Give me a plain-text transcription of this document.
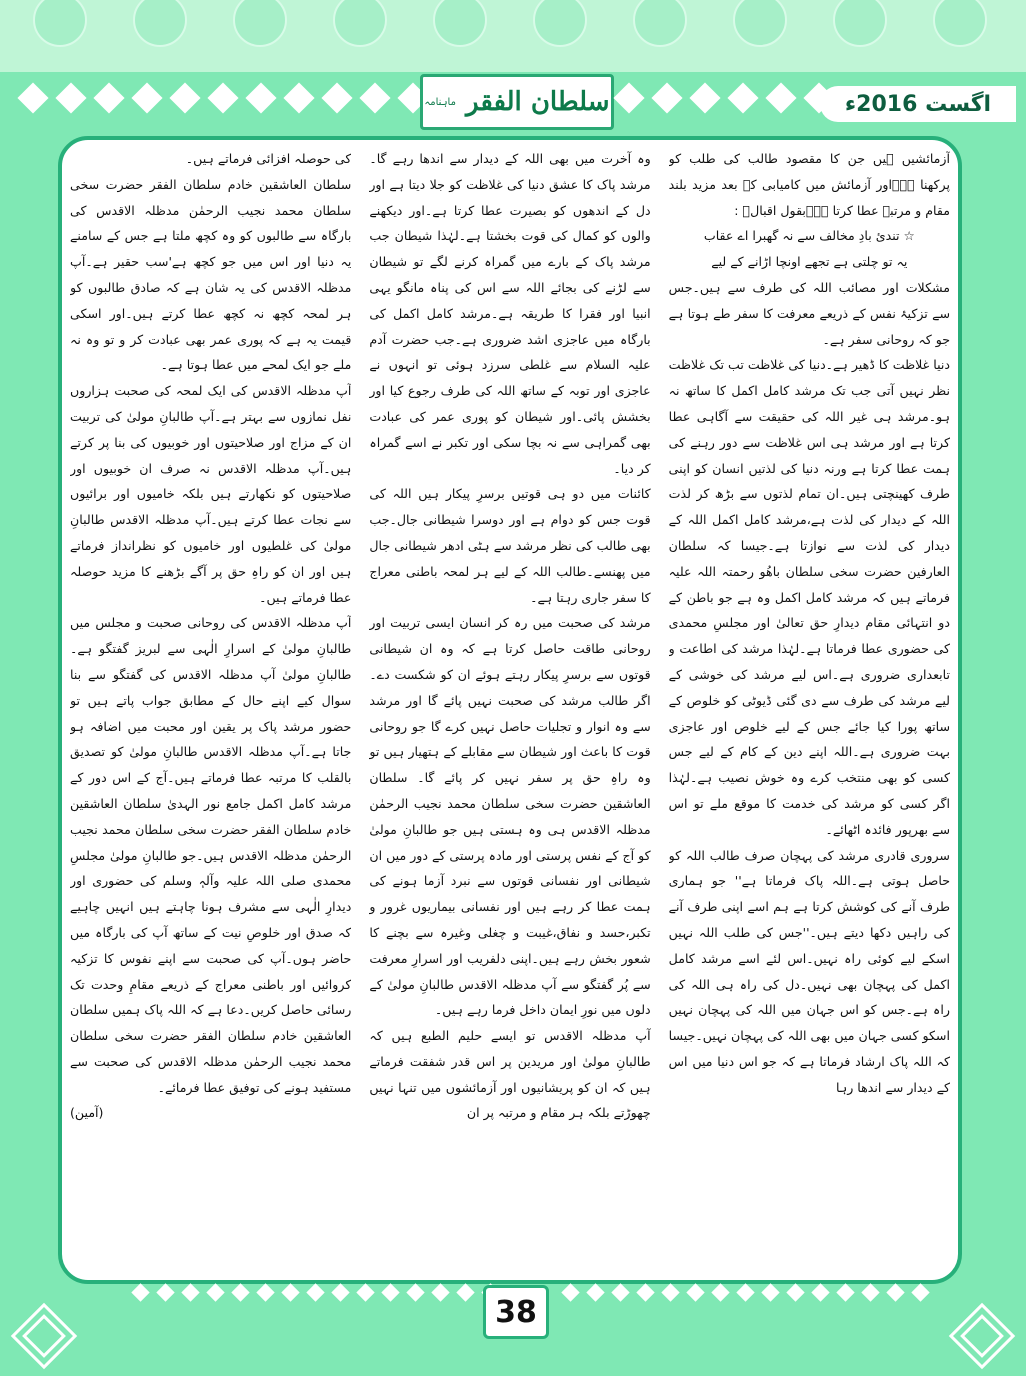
ماہنامہ سلطان الفقر	اگست 2016ء

آزمائشیں ہیں جن کا مقصود طالب کی طلب کو پرکھنا ہے۔اور آزمائش میں کامیابی کے بعد مزید بلند مقام و مرتبہ عطا کرتا ہے۔بقول اقبالؒ :

☆ تندیٔ بادِ مخالف سے نہ گھبرا اے عقاب

یہ تو چلتی ہے تجھے اونچا اڑانے کے لیے

مشکلات اور مصائب اللہ کی طرف سے ہیں۔جس سے تزکیۂ نفس کے ذریعے معرفت کا سفر طے ہوتا ہے جو کہ روحانی سفر ہے۔

دنیا غلاظت کا ڈھیر ہے۔دنیا کی غلاظت تب تک غلاظت نظر نہیں آتی جب تک مرشد کامل اکمل کا ساتھ نہ ہو۔مرشد ہی غیر اللہ کی حقیقت سے آگاہی عطا کرتا ہے اور مرشد ہی اس غلاظت سے دور رہنے کی ہمت عطا کرتا ہے ورنہ دنیا کی لذتیں انسان کو اپنی طرف کھینچتی ہیں۔ان تمام لذتوں سے بڑھ کر لذت اللہ کے دیدار کی لذت ہے،مرشد کامل اکمل اللہ کے دیدار کی لذت سے نوازتا ہے۔جیسا کہ سلطان العارفین حضرت سخی سلطان باھُو رحمتہ اللہ علیہ فرماتے ہیں کہ مرشد کامل اکمل وہ ہے جو باطن کے دو انتہائی مقام دیدارِ حق تعالیٰ اور مجلسِ محمدی کی حضوری عطا فرماتا ہے۔لہٰذا مرشد کی اطاعت و تابعداری ضروری ہے۔اس لیے مرشد کی خوشی کے لیے مرشد کی طرف سے دی گئی ڈیوٹی کو خلوص کے ساتھ پورا کیا جائے جس کے لیے خلوص اور عاجزی بہت ضروری ہے۔اللہ اپنے دین کے کام کے لیے جس کسی کو بھی منتخب کرے وہ خوش نصیب ہے۔لہٰذا اگر کسی کو مرشد کی خدمت کا موقع ملے تو اس سے بھرپور فائدہ اٹھائے۔

سروری قادری مرشد کی پہچان صرف طالب اللہ کو حاصل ہوتی ہے۔اللہ پاک فرماتا ہے'' جو ہماری طرف آنے کی کوشش کرتا ہے ہم اسے اپنی طرف آنے کی راہیں دکھا دیتے ہیں۔''جس کی طلب اللہ نہیں اسکے لیے کوئی راہ نہیں۔اس لئے اسے مرشد کامل اکمل کی پہچان بھی نہیں۔دل کی راہ ہی اللہ کی راہ ہے۔جس کو اس جہان میں اللہ کی پہچان نہیں اسکو کسی جہان میں بھی اللہ کی پہچان نہیں۔جیسا کہ اللہ پاک ارشاد فرماتا ہے کہ جو اس دنیا میں اس کے دیدار سے اندھا رہا

وہ آخرت میں بھی اللہ کے دیدار سے اندھا رہے گا۔مرشد پاک کا عشق دنیا کی غلاظت کو جلا دیتا ہے اور دل کے اندھوں کو بصیرت عطا کرتا ہے۔اور دیکھنے والوں کو کمال کی قوت بخشتا ہے۔لہٰذا شیطان جب مرشد پاک کے بارے میں گمراہ کرنے لگے تو شیطان سے لڑنے کی بجائے اللہ سے اس کی پناہ مانگو یہی انبیا اور فقرا کا طریقہ ہے۔مرشد کامل اکمل کی بارگاہ میں عاجزی اشد ضروری ہے۔جب حضرت آدم علیہ السلام سے غلطی سرزد ہوئی تو انہوں نے عاجزی اور توبہ کے ساتھ اللہ کی طرف رجوع کیا اور بخشش پائی۔اور شیطان کو پوری عمر کی عبادت بھی گمراہی سے نہ بچا سکی اور تکبر نے اسے گمراہ کر دیا۔

کائنات میں دو ہی قوتیں برسرِ پیکار ہیں اللہ کی قوت جس کو دوام ہے اور دوسرا شیطانی جال۔جب بھی طالب کی نظر مرشد سے ہٹی ادھر شیطانی جال میں پھنسے۔طالب اللہ کے لیے ہر لمحہ باطنی معراج کا سفر جاری رہتا ہے۔

مرشد کی صحبت میں رہ کر انسان ایسی تربیت اور روحانی طاقت حاصل کرتا ہے کہ وہ ان شیطانی قوتوں سے برسرِ پیکار رہتے ہوئے ان کو شکست دے۔اگر طالب مرشد کی صحبت نہیں پائے گا اور مرشد سے وہ انوار و تجلیات حاصل نہیں کرے گا جو روحانی قوت کا باعث اور شیطان سے مقابلے کے ہتھیار ہیں تو وہ راہِ حق پر سفر نہیں کر پائے گا۔ سلطان العاشقین حضرت سخی سلطان محمد نجیب الرحمٰن مدظلہ الاقدس ہی وہ ہستی ہیں جو طالبانِ مولیٰ کو آج کے نفس پرستی اور مادہ پرستی کے دور میں ان شیطانی اور نفسانی قوتوں سے نبرد آزما ہونے کی ہمت عطا کر رہے ہیں اور نفسانی بیماریوں غرور و تکبر،حسد و نفاق،غیبت و چغلی وغیرہ سے بچنے کا شعور بخش رہے ہیں۔اپنی دلفریب اور اسرارِ معرفت سے پُر گفتگو سے آپ مدظلہ الاقدس طالبانِ مولیٰ کے دلوں میں نورِ ایمان داخل فرما رہے ہیں۔

آپ مدظلہ الاقدس تو ایسے حلیم الطبع ہیں کہ طالبانِ مولیٰ اور مریدین پر اس قدر شفقت فرماتے ہیں کہ ان کو پریشانیوں اور آزمائشوں میں تنہا نہیں چھوڑتے بلکہ ہر مقام و مرتبہ پر ان

کی حوصلہ افزائی فرماتے ہیں۔

سلطان العاشقین خادم سلطان الفقر حضرت سخی سلطان محمد نجیب الرحمٰن مدظلہ الاقدس کی بارگاہ سے طالبوں کو وہ کچھ ملتا ہے جس کے سامنے یہ دنیا اور اس میں جو کچھ ہے'سب حقیر ہے۔آپ مدظلہ الاقدس کی یہ شان ہے کہ صادق طالبوں کو ہر لمحہ کچھ نہ کچھ عطا کرتے ہیں۔اور اسکی قیمت یہ ہے کہ پوری عمر بھی عبادت کر و تو وہ نہ ملے جو ایک لمحے میں عطا ہوتا ہے۔

آپ مدظلہ الاقدس کی ایک لمحہ کی صحبت ہزاروں نفل نمازوں سے بہتر ہے۔آپ طالبانِ مولیٰ کی تربیت ان کے مزاج اور صلاحیتوں اور خوبیوں کی بنا پر کرتے ہیں۔آپ مدظلہ الاقدس نہ صرف ان خوبیوں اور صلاحیتوں کو نکھارتے ہیں بلکہ خامیوں اور برائیوں سے نجات عطا کرتے ہیں۔آپ مدظلہ الاقدس طالبانِ مولیٰ کی غلطیوں اور خامیوں کو نظرانداز فرماتے ہیں اور ان کو راہِ حق پر آگے بڑھنے کا مزید حوصلہ عطا فرماتے ہیں۔

آپ مدظلہ الاقدس کی روحانی صحبت و مجلس میں طالبانِ مولیٰ کے اسرارِ الٰہی سے لبریز گفتگو ہے۔طالبانِ مولیٰ آپ مدظلہ الاقدس کی گفتگو سے بنا سوال کیے اپنے حال کے مطابق جواب پاتے ہیں تو حضور مرشد پاک پر یقین اور محبت میں اضافہ ہو جاتا ہے۔آپ مدظلہ الاقدس طالبانِ مولیٰ کو تصدیق بالقلب کا مرتبہ عطا فرماتے ہیں۔آج کے اس دور کے مرشد کامل اکمل جامع نور الہدیٰ سلطان العاشقین خادم سلطان الفقر حضرت سخی سلطان محمد نجیب الرحمٰن مدظلہ الاقدس ہیں۔جو طالبانِ مولیٰ مجلسِ محمدی صلی اللہ علیہ وآلہٖ وسلم کی حضوری اور دیدارِ الٰہی سے مشرف ہونا چاہتے ہیں انہیں چاہیے کہ صدق اور خلوصِ نیت کے ساتھ آپ کی بارگاہ میں حاضر ہوں۔آپ کی صحبت سے اپنے نفوس کا تزکیہ کروائیں اور باطنی معراج کے ذریعے مقامِ وحدت تک رسائی حاصل کریں۔دعا ہے کہ اللہ پاک ہمیں سلطان العاشقین خادم سلطان الفقر حضرت سخی سلطان محمد نجیب الرحمٰن مدظلہ الاقدس کی صحبت سے مستفید ہونے کی توفیق عطا فرمائے۔

(آمین)

38
